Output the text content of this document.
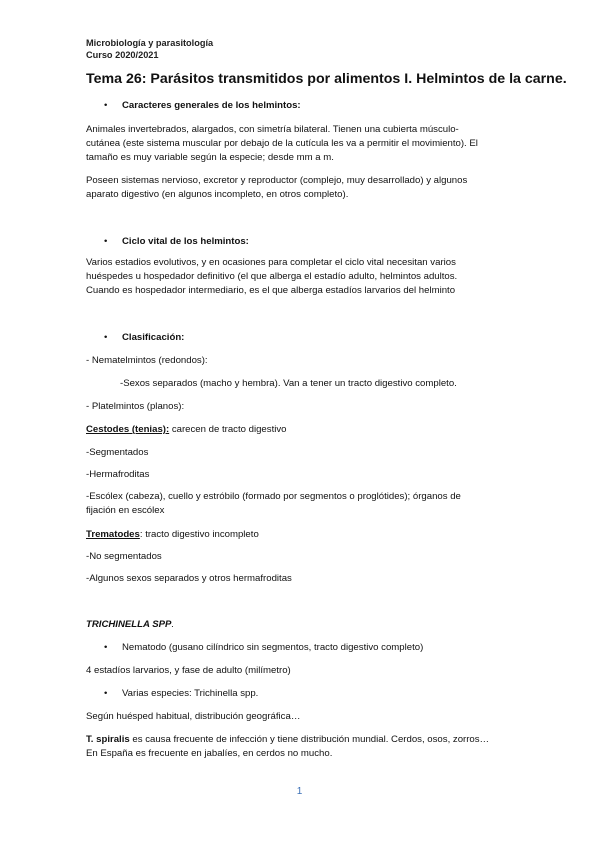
Microbiología y parasitología
Curso 2020/2021
Tema 26: Parásitos transmitidos por alimentos I. Helmintos de la carne.
• Caracteres generales de los helmintos:
Animales invertebrados, alargados, con simetría bilateral. Tienen una cubierta músculo-
cutánea (este sistema muscular por debajo de la cutícula les va a permitir el movimiento). El
tamaño es muy variable según la especie; desde mm a m.
Poseen sistemas nervioso, excretor y reproductor (complejo, muy desarrollado) y algunos
aparato digestivo (en algunos incompleto, en otros completo).
• Ciclo vital de los helmintos:
Varios estadios evolutivos, y en ocasiones para completar el ciclo vital necesitan varios
huéspedes u hospedador definitivo (el que alberga el estadío adulto, helmintos adultos.
Cuando es hospedador intermediario, es el que alberga estadíos larvarios del helminto
• Clasificación:
- Nematelmintos (redondos):
-Sexos separados (macho y hembra). Van a tener un tracto digestivo completo.
- Platelmintos (planos):
Cestodes (tenias): carecen de tracto digestivo
-Segmentados
-Hermafroditas
-Escólex (cabeza), cuello y estróbilo (formado por segmentos o proglótides); órganos de
fijación en escólex
Trematodes: tracto digestivo incompleto
-No segmentados
-Algunos sexos separados y otros hermafroditas
TRICHINELLA SPP.
• Nematodo (gusano cilíndrico sin segmentos, tracto digestivo completo)
4 estadíos larvarios, y fase de adulto (milímetro)
• Varias especies: Trichinella spp.
Según huésped habitual, distribución geográfica…
T. spiralis es causa frecuente de infección y tiene distribución mundial. Cerdos, osos, zorros…
En España es frecuente en jabalíes, en cerdos no mucho.
1
